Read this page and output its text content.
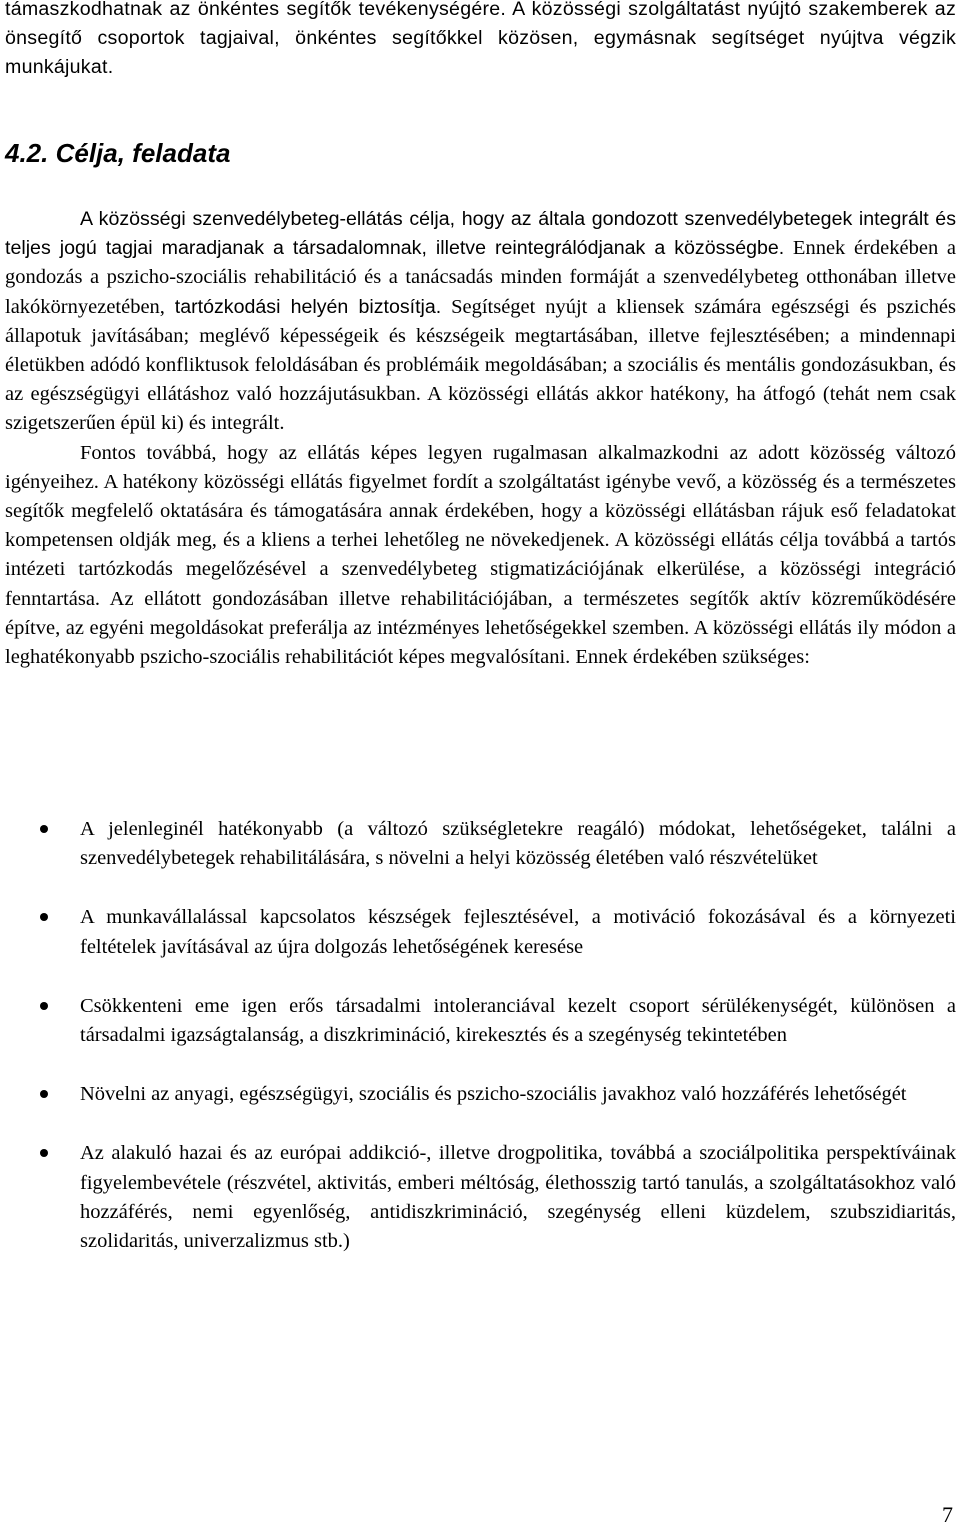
támaszkodhatnak az önkéntes segítők tevékenységére. A közösségi szolgáltatást nyújtó szakemberek az önsegítő csoportok tagjaival, önkéntes segítőkkel közösen, egymásnak segítséget nyújtva végzik munkájukat.

4.2. Célja, feladata

A közösségi szenvedélybeteg-ellátás célja, hogy az általa gondozott szenvedélybetegek integrált és teljes jogú tagjai maradjanak a társadalomnak, illetve reintegrálódjanak a közösségbe. Ennek érdekében a gondozás a pszicho-szociális rehabilitáció és a tanácsadás minden formáját a szenvedélybeteg otthonában illetve lakókörnyezetében, tartózkodási helyén biztosítja. Segítséget nyújt a kliensek számára egészségi és pszichés állapotuk javításában; meglévő képességeik és készségeik megtartásában, illetve fejlesztésében; a mindennapi életükben adódó konfliktusok feloldásában és problémáik megoldásában; a szociális és mentális gondozásukban, és az egészségügyi ellátáshoz való hozzájutásukban. A közösségi ellátás akkor hatékony, ha átfogó (tehát nem csak szigetszerűen épül ki) és integrált.

Fontos továbbá, hogy az ellátás képes legyen rugalmasan alkalmazkodni az adott közösség változó igényeihez. A hatékony közösségi ellátás figyelmet fordít a szolgáltatást igénybe vevő, a közösség és a természetes segítők megfelelő oktatására és támogatására annak érdekében, hogy a közösségi ellátásban rájuk eső feladatokat kompetensen oldják meg, és a kliens a terhei lehetőleg ne növekedjenek. A közösségi ellátás célja továbbá a tartós intézeti tartózkodás megelőzésével a szenvedélybeteg stigmatizációjának elkerülése, a közösségi integráció fenntartása. Az ellátott gondozásában illetve rehabilitációjában, a természetes segítők aktív közreműködésére építve, az egyéni megoldásokat preferálja az intézményes lehetőségekkel szemben. A közösségi ellátás ily módon a leghatékonyabb pszicho-szociális rehabilitációt képes megvalósítani. Ennek érdekében szükséges:

A jelenleginél hatékonyabb (a változó szükségletekre reagáló) módokat, lehetőségeket, találni a szenvedélybetegek rehabilitálására, s növelni a helyi közösség életében való részvételüket
A munkavállalással kapcsolatos készségek fejlesztésével, a motiváció fokozásával és a környezeti feltételek javításával az újra dolgozás lehetőségének keresése
Csökkenteni eme igen erős társadalmi intoleranciával kezelt csoport sérülékenységét, különösen a társadalmi igazságtalanság, a diszkrimináció, kirekesztés és a szegénység tekintetében
Növelni az anyagi, egészségügyi, szociális és pszicho-szociális javakhoz való hozzáférés lehetőségét
Az alakuló hazai és az európai addikció-, illetve drogpolitika, továbbá a szociálpolitika perspektíváinak figyelembevétele (részvétel, aktivitás, emberi méltóság, élethosszig tartó tanulás, a szolgáltatásokhoz való hozzáférés, nemi egyenlőség, antidiszkrimináció, szegénység elleni küzdelem, szubszidiaritás, szolidaritás, univerzalizmus stb.)

7
